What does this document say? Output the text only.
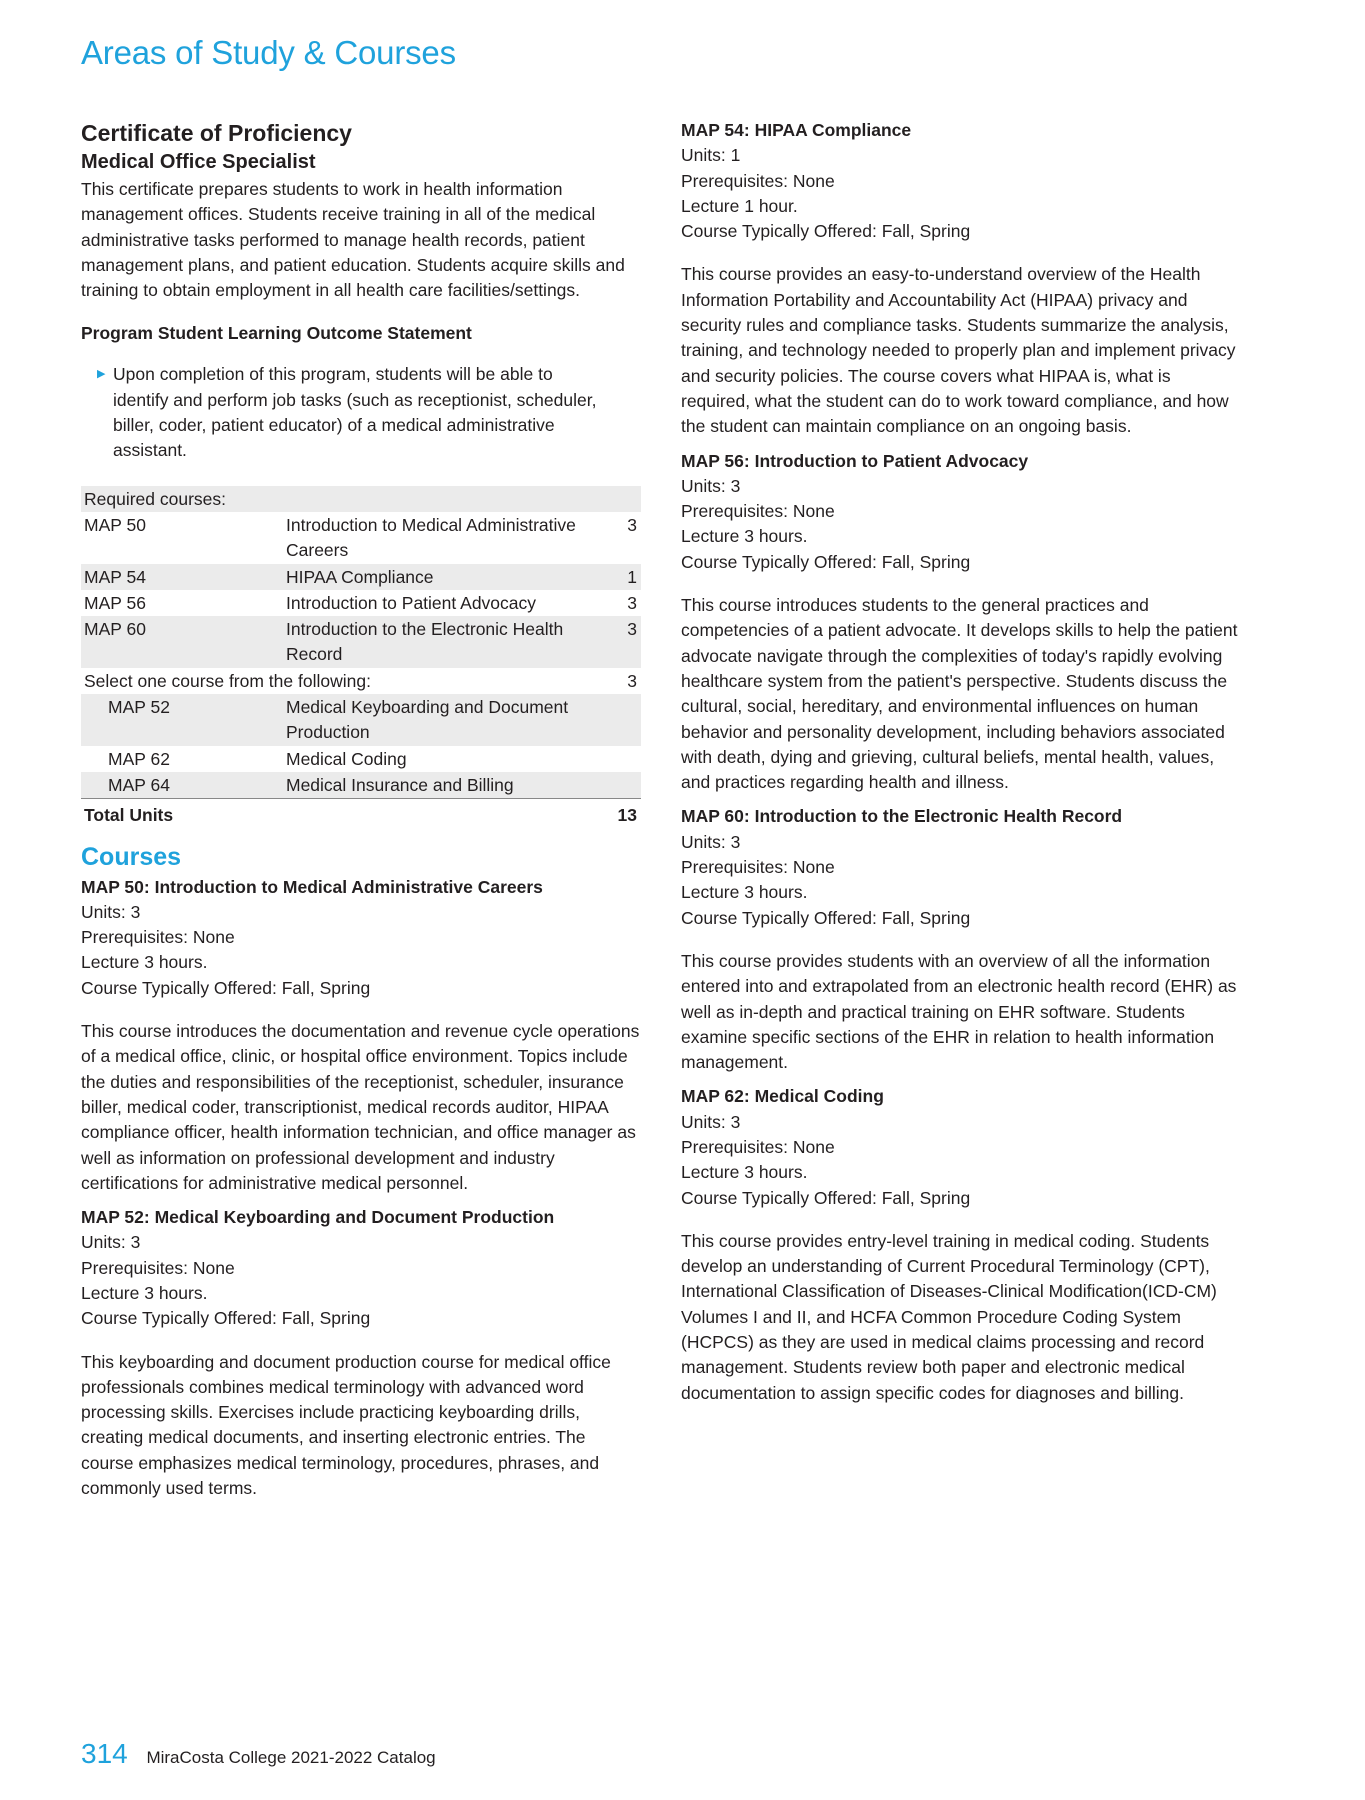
Areas of Study & Courses
Certificate of Proficiency
Medical Office Specialist

This certificate prepares students to work in health information management offices. Students receive training in all of the medical administrative tasks performed to manage health records, patient management plans, and patient education. Students acquire skills and training to obtain employment in all health care facilities/settings.

Program Student Learning Outcome Statement
▶ Upon completion of this program, students will be able to identify and perform job tasks (such as receptionist, scheduler, biller, coder, patient educator) of a medical administrative assistant.
Required courses:		
MAP 50	Introduction to Medical Administrative Careers	3
MAP 54	HIPAA Compliance	1
MAP 56	Introduction to Patient Advocacy	3
MAP 60	Introduction to the Electronic Health Record	3
Select one course from the following:		3
MAP 52	Medical Keyboarding and Document Production	
MAP 62	Medical Coding	
MAP 64	Medical Insurance and Billing	
Total Units		13
Courses
MAP 50: Introduction to Medical Administrative Careers
Units: 3
Prerequisites: None
Lecture 3 hours.
Course Typically Offered: Fall, Spring

This course introduces the documentation and revenue cycle operations of a medical office, clinic, or hospital office environment. Topics include the duties and responsibilities of the receptionist, scheduler, insurance biller, medical coder, transcriptionist, medical records auditor, HIPAA compliance officer, health information technician, and office manager as well as information on professional development and industry certifications for administrative medical personnel.

MAP 52: Medical Keyboarding and Document Production
Units: 3
Prerequisites: None
Lecture 3 hours.
Course Typically Offered: Fall, Spring

This keyboarding and document production course for medical office professionals combines medical terminology with advanced word processing skills. Exercises include practicing keyboarding drills, creating medical documents, and inserting electronic entries. The course emphasizes medical terminology, procedures, phrases, and commonly used terms.

MAP 54: HIPAA Compliance
Units: 1
Prerequisites: None
Lecture 1 hour.
Course Typically Offered: Fall, Spring

This course provides an easy-to-understand overview of the Health Information Portability and Accountability Act (HIPAA) privacy and security rules and compliance tasks. Students summarize the analysis, training, and technology needed to properly plan and implement privacy and security policies. The course covers what HIPAA is, what is required, what the student can do to work toward compliance, and how the student can maintain compliance on an ongoing basis.

MAP 56: Introduction to Patient Advocacy
Units: 3
Prerequisites: None
Lecture 3 hours.
Course Typically Offered: Fall, Spring

This course introduces students to the general practices and competencies of a patient advocate. It develops skills to help the patient advocate navigate through the complexities of today's rapidly evolving healthcare system from the patient's perspective. Students discuss the cultural, social, hereditary, and environmental influences on human behavior and personality development, including behaviors associated with death, dying and grieving, cultural beliefs, mental health, values, and practices regarding health and illness.

MAP 60: Introduction to the Electronic Health Record
Units: 3
Prerequisites: None
Lecture 3 hours.
Course Typically Offered: Fall, Spring

This course provides students with an overview of all the information entered into and extrapolated from an electronic health record (EHR) as well as in-depth and practical training on EHR software. Students examine specific sections of the EHR in relation to health information management.

MAP 62: Medical Coding
Units: 3
Prerequisites: None
Lecture 3 hours.
Course Typically Offered: Fall, Spring

This course provides entry-level training in medical coding. Students develop an understanding of Current Procedural Terminology (CPT), International Classification of Diseases-Clinical Modification(ICD-CM) Volumes I and II, and HCFA Common Procedure Coding System (HCPCS) as they are used in medical claims processing and record management. Students review both paper and electronic medical documentation to assign specific codes for diagnoses and billing.

314 MiraCosta College 2021-2022 Catalog
